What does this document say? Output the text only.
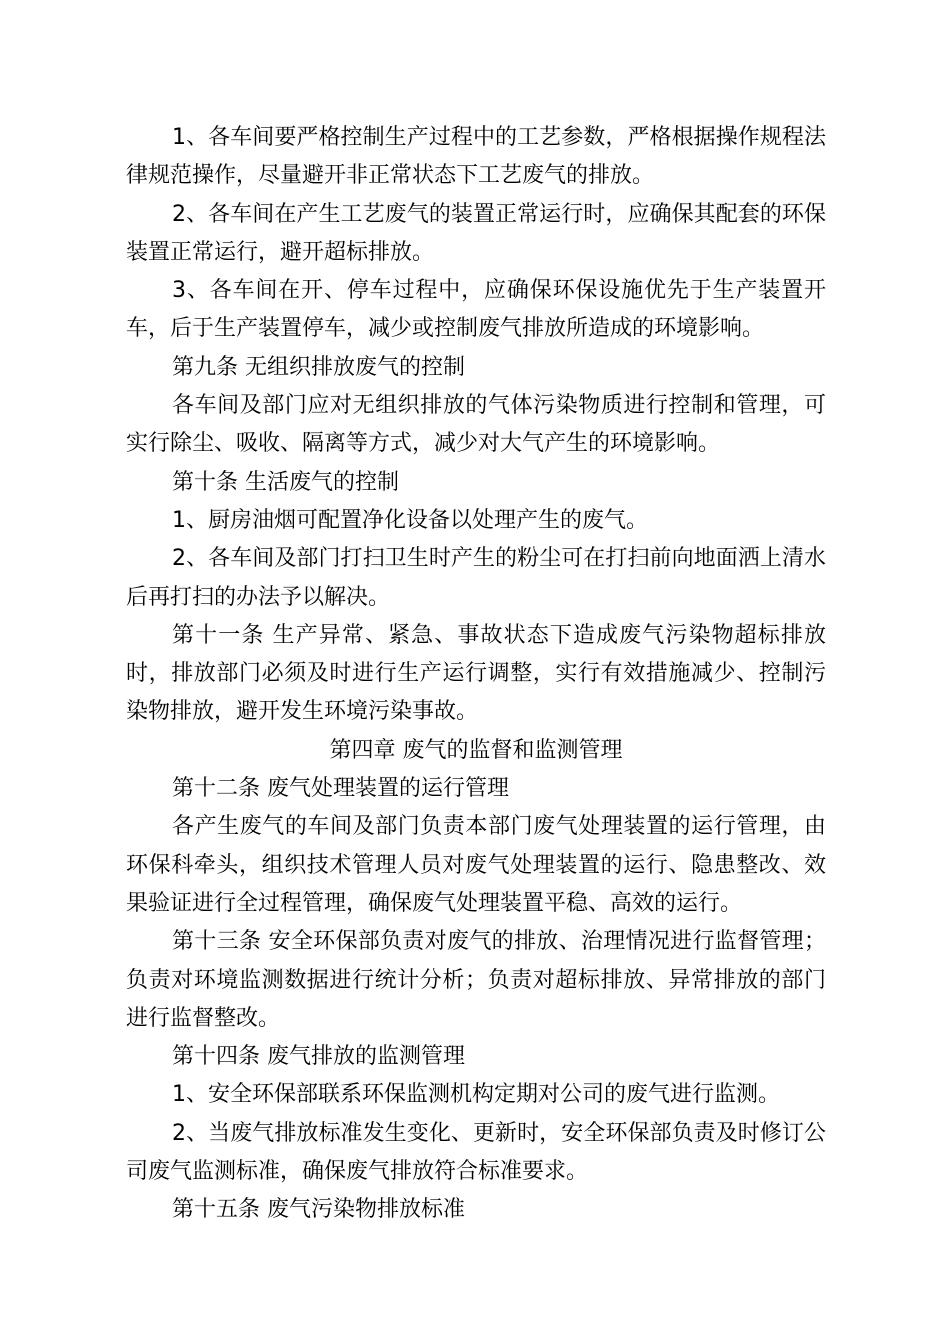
1、各车间要严格控制生产过程中的工艺参数，严格根据操作规程法律规范操作，尽量避开非正常状态下工艺废气的排放。

2、各车间在产生工艺废气的装置正常运行时，应确保其配套的环保装置正常运行，避开超标排放。

3、各车间在开、停车过程中，应确保环保设施优先于生产装置开车，后于生产装置停车，减少或控制废气排放所造成的环境影响。

第九条 无组织排放废气的控制

各车间及部门应对无组织排放的气体污染物质进行控制和管理，可实行除尘、吸收、隔离等方式，减少对大气产生的环境影响。

第十条 生活废气的控制

1、厨房油烟可配置净化设备以处理产生的废气。

2、各车间及部门打扫卫生时产生的粉尘可在打扫前向地面洒上清水后再打扫的办法予以解决。

第十一条 生产异常、紧急、事故状态下造成废气污染物超标排放时，排放部门必须及时进行生产运行调整，实行有效措施减少、控制污染物排放，避开发生环境污染事故。

第四章 废气的监督和监测管理

第十二条 废气处理装置的运行管理

各产生废气的车间及部门负责本部门废气处理装置的运行管理，由环保科牵头，组织技术管理人员对废气处理装置的运行、隐患整改、效果验证进行全过程管理，确保废气处理装置平稳、高效的运行。

第十三条 安全环保部负责对废气的排放、治理情况进行监督管理；负责对环境监测数据进行统计分析；负责对超标排放、异常排放的部门进行监督整改。

第十四条 废气排放的监测管理

1、安全环保部联系环保监测机构定期对公司的废气进行监测。

2、当废气排放标准发生变化、更新时，安全环保部负责及时修订公司废气监测标准，确保废气排放符合标准要求。

第十五条 废气污染物排放标准
